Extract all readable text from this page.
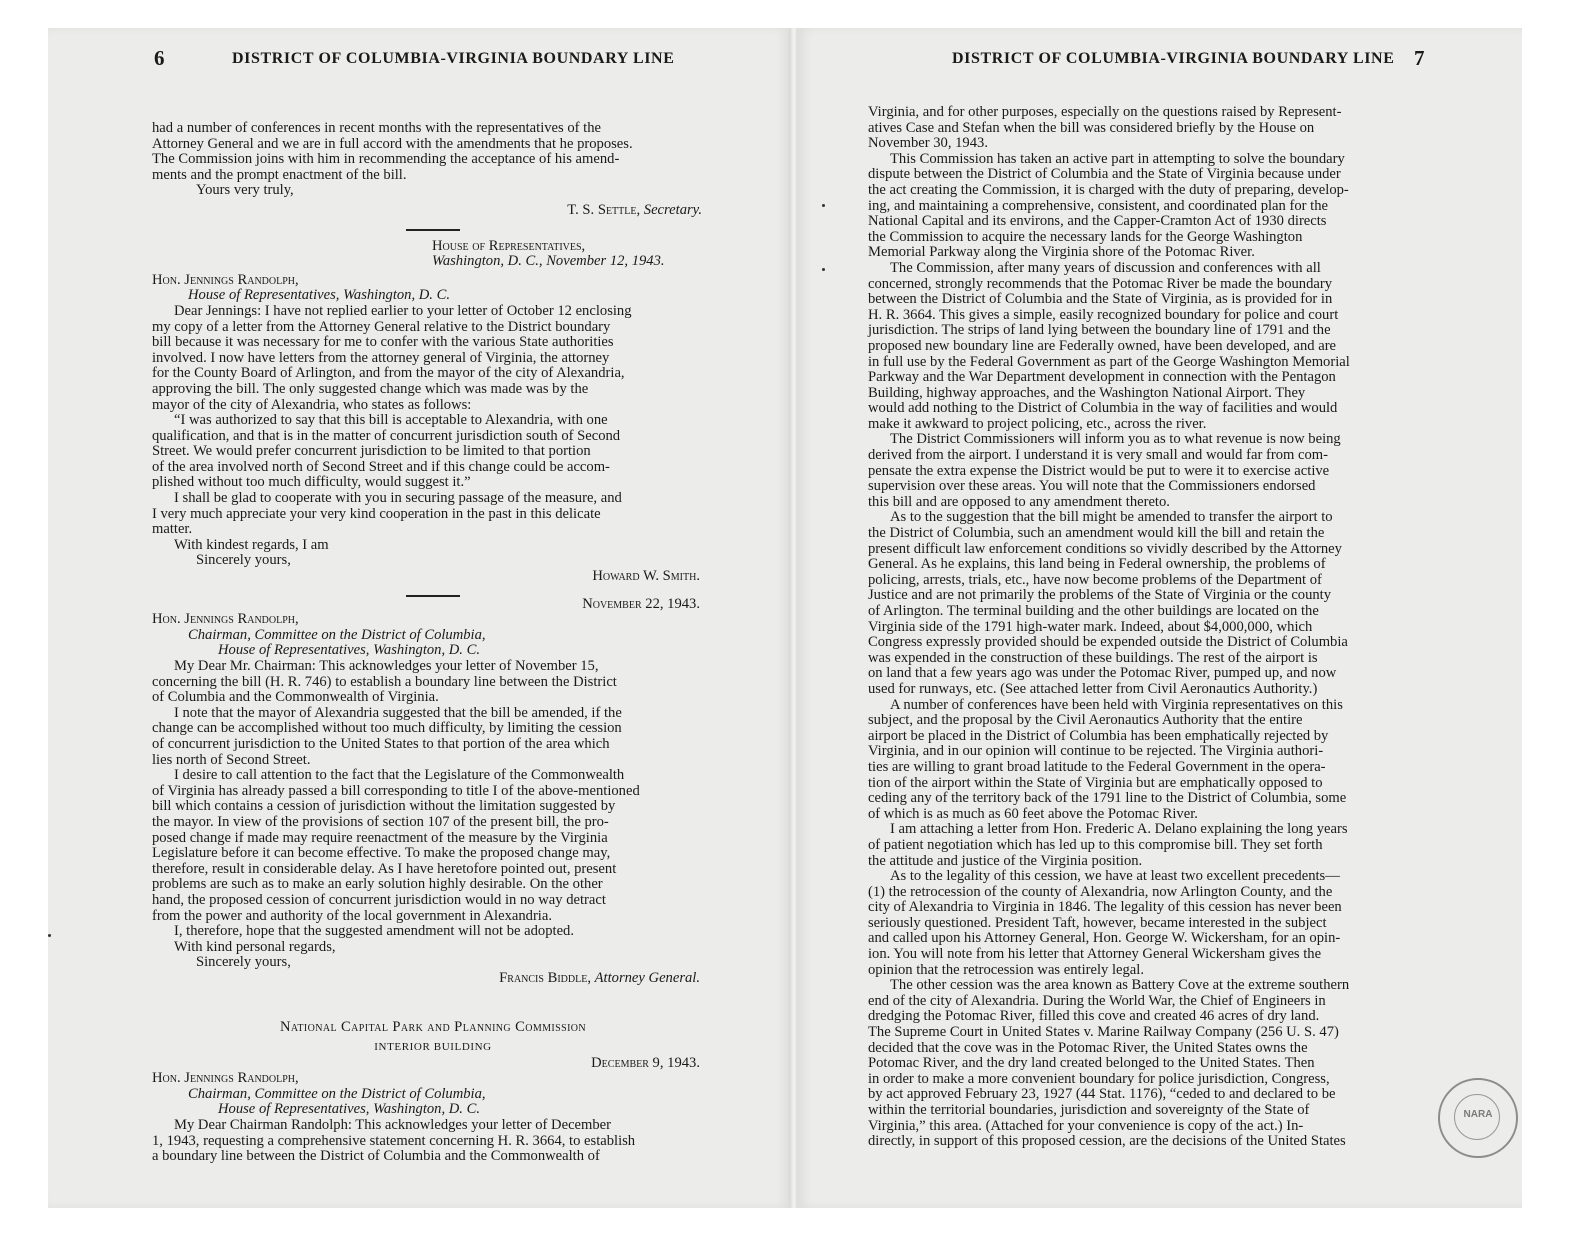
6	DISTRICT OF COLUMBIA-VIRGINIA BOUNDARY LINE

had a number of conferences in recent months with the representatives of the

Attorney General and we are in full accord with the amendments that he proposes.

The Commission joins with him in recommending the acceptance of his amend-

ments and the prompt enactment of the bill.

Yours very truly,

T. S. Settle, Secretary.

House of Representatives,

Washington, D. C., November 12, 1943.

Hon. Jennings Randolph,

House of Representatives, Washington, D. C.

Dear Jennings: I have not replied earlier to your letter of October 12 enclosing

my copy of a letter from the Attorney General relative to the District boundary

bill because it was necessary for me to confer with the various State authorities

involved. I now have letters from the attorney general of Virginia, the attorney

for the County Board of Arlington, and from the mayor of the city of Alexandria,

approving the bill. The only suggested change which was made was by the

mayor of the city of Alexandria, who states as follows:

“I was authorized to say that this bill is acceptable to Alexandria, with one

qualification, and that is in the matter of concurrent jurisdiction south of Second

Street. We would prefer concurrent jurisdiction to be limited to that portion

of the area involved north of Second Street and if this change could be accom-

plished without too much difficulty, would suggest it.”

I shall be glad to cooperate with you in securing passage of the measure, and

I very much appreciate your very kind cooperation in the past in this delicate

matter.

With kindest regards, I am

Sincerely yours,

Howard W. Smith.

November 22, 1943.

Hon. Jennings Randolph,

Chairman, Committee on the District of Columbia,

House of Representatives, Washington, D. C.

My Dear Mr. Chairman: This acknowledges your letter of November 15,

concerning the bill (H. R. 746) to establish a boundary line between the District

of Columbia and the Commonwealth of Virginia.

I note that the mayor of Alexandria suggested that the bill be amended, if the

change can be accomplished without too much difficulty, by limiting the cession

of concurrent jurisdiction to the United States to that portion of the area which

lies north of Second Street.

I desire to call attention to the fact that the Legislature of the Commonwealth

of Virginia has already passed a bill corresponding to title I of the above-mentioned

bill which contains a cession of jurisdiction without the limitation suggested by

the mayor. In view of the provisions of section 107 of the present bill, the pro-

posed change if made may require reenactment of the measure by the Virginia

Legislature before it can become effective. To make the proposed change may,

therefore, result in considerable delay. As I have heretofore pointed out, present

problems are such as to make an early solution highly desirable. On the other

hand, the proposed cession of concurrent jurisdiction would in no way detract

from the power and authority of the local government in Alexandria.

I, therefore, hope that the suggested amendment will not be adopted.

With kind personal regards,

Sincerely yours,

Francis Biddle, Attorney General.

National Capital Park and Planning Commission

INTERIOR BUILDING

December 9, 1943.

Hon. Jennings Randolph,

Chairman, Committee on the District of Columbia,

House of Representatives, Washington, D. C.

My Dear Chairman Randolph: This acknowledges your letter of December

1, 1943, requesting a comprehensive statement concerning H. R. 3664, to establish

a boundary line between the District of Columbia and the Commonwealth of

DISTRICT OF COLUMBIA-VIRGINIA BOUNDARY LINE 7

Virginia, and for other purposes, especially on the questions raised by Represent-

atives Case and Stefan when the bill was considered briefly by the House on

November 30, 1943.

This Commission has taken an active part in attempting to solve the boundary

dispute between the District of Columbia and the State of Virginia because under

the act creating the Commission, it is charged with the duty of preparing, develop-

ing, and maintaining a comprehensive, consistent, and coordinated plan for the

National Capital and its environs, and the Capper-Cramton Act of 1930 directs

the Commission to acquire the necessary lands for the George Washington

Memorial Parkway along the Virginia shore of the Potomac River.

The Commission, after many years of discussion and conferences with all

concerned, strongly recommends that the Potomac River be made the boundary

between the District of Columbia and the State of Virginia, as is provided for in

H. R. 3664. This gives a simple, easily recognized boundary for police and court

jurisdiction. The strips of land lying between the boundary line of 1791 and the

proposed new boundary line are Federally owned, have been developed, and are

in full use by the Federal Government as part of the George Washington Memorial

Parkway and the War Department development in connection with the Pentagon

Building, highway approaches, and the Washington National Airport. They

would add nothing to the District of Columbia in the way of facilities and would

make it awkward to project policing, etc., across the river.

The District Commissioners will inform you as to what revenue is now being

derived from the airport. I understand it is very small and would far from com-

pensate the extra expense the District would be put to were it to exercise active

supervision over these areas. You will note that the Commissioners endorsed

this bill and are opposed to any amendment thereto.

As to the suggestion that the bill might be amended to transfer the airport to

the District of Columbia, such an amendment would kill the bill and retain the

present difficult law enforcement conditions so vividly described by the Attorney

General. As he explains, this land being in Federal ownership, the problems of

policing, arrests, trials, etc., have now become problems of the Department of

Justice and are not primarily the problems of the State of Virginia or the county

of Arlington. The terminal building and the other buildings are located on the

Virginia side of the 1791 high-water mark. Indeed, about $4,000,000, which

Congress expressly provided should be expended outside the District of Columbia

was expended in the construction of these buildings. The rest of the airport is

on land that a few years ago was under the Potomac River, pumped up, and now

used for runways, etc. (See attached letter from Civil Aeronautics Authority.)

A number of conferences have been held with Virginia representatives on this

subject, and the proposal by the Civil Aeronautics Authority that the entire

airport be placed in the District of Columbia has been emphatically rejected by

Virginia, and in our opinion will continue to be rejected. The Virginia authori-

ties are willing to grant broad latitude to the Federal Government in the opera-

tion of the airport within the State of Virginia but are emphatically opposed to

ceding any of the territory back of the 1791 line to the District of Columbia, some

of which is as much as 60 feet above the Potomac River.

I am attaching a letter from Hon. Frederic A. Delano explaining the long years

of patient negotiation which has led up to this compromise bill. They set forth

the attitude and justice of the Virginia position.

As to the legality of this cession, we have at least two excellent precedents—

(1) the retrocession of the county of Alexandria, now Arlington County, and the

city of Alexandria to Virginia in 1846. The legality of this cession has never been

seriously questioned. President Taft, however, became interested in the subject

and called upon his Attorney General, Hon. George W. Wickersham, for an opin-

ion. You will note from his letter that Attorney General Wickersham gives the

opinion that the retrocession was entirely legal.

The other cession was the area known as Battery Cove at the extreme southern

end of the city of Alexandria. During the World War, the Chief of Engineers in

dredging the Potomac River, filled this cove and created 46 acres of dry land.

The Supreme Court in United States v. Marine Railway Company (256 U. S. 47)

decided that the cove was in the Potomac River, the United States owns the

Potomac River, and the dry land created belonged to the United States. Then

in order to make a more convenient boundary for police jurisdiction, Congress,

by act approved February 23, 1927 (44 Stat. 1176), “ceded to and declared to be

within the territorial boundaries, jurisdiction and sovereignty of the State of

Virginia,” this area. (Attached for your convenience is copy of the act.) In-

directly, in support of this proposed cession, are the decisions of the United States

NARA
